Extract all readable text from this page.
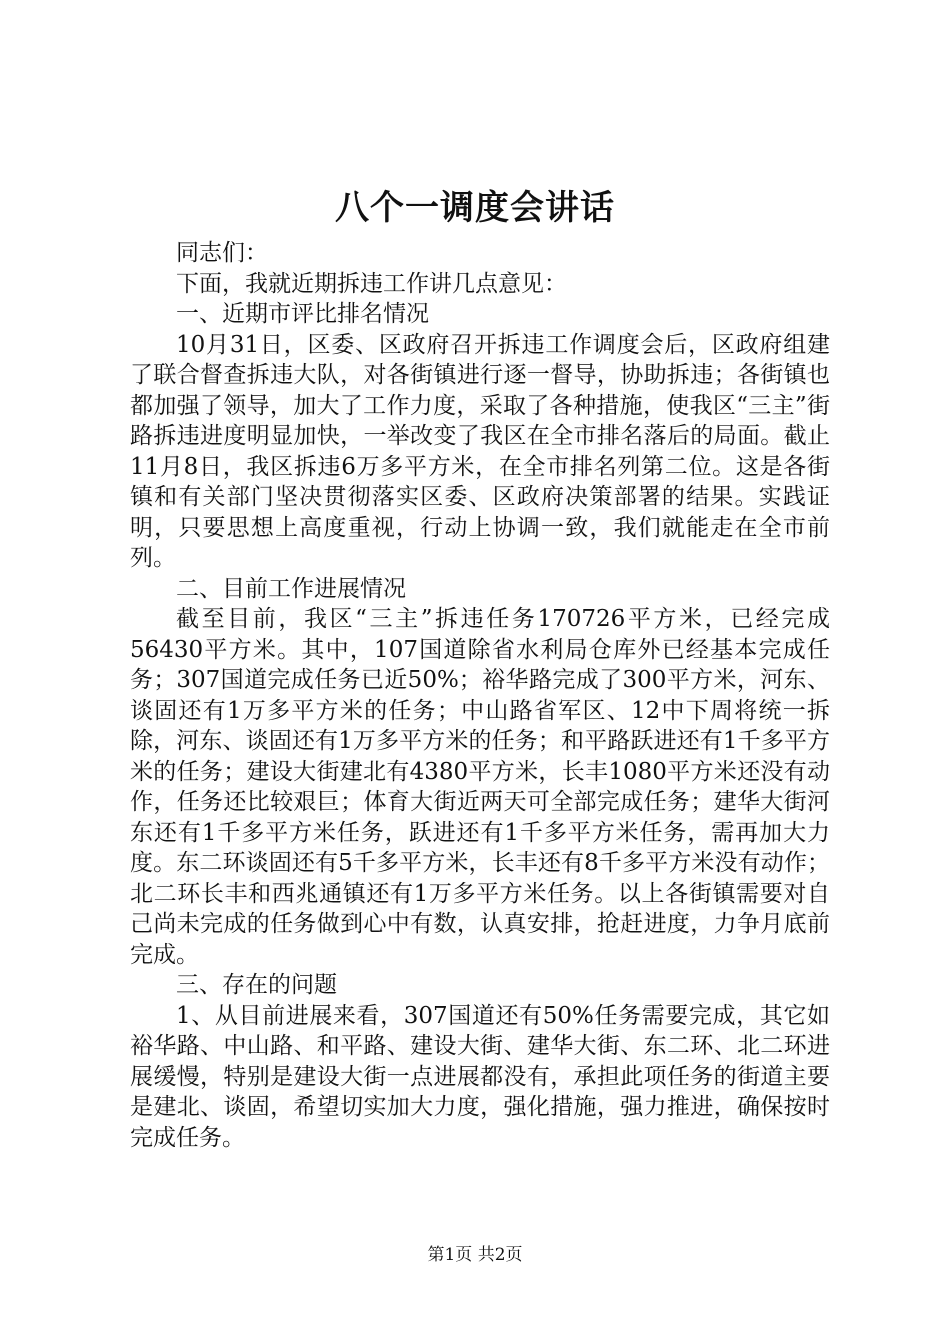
八个一调度会讲话

同志们：

下面，我就近期拆违工作讲几点意见：

一、近期市评比排名情况

10月31日，区委、区政府召开拆违工作调度会后，区政府组建了联合督查拆违大队，对各街镇进行逐一督导，协助拆违；各街镇也都加强了领导，加大了工作力度，采取了各种措施，使我区“三主”街路拆违进度明显加快，一举改变了我区在全市排名落后的局面。截止11月8日，我区拆违6万多平方米，在全市排名列第二位。这是各街镇和有关部门坚决贯彻落实区委、区政府决策部署的结果。实践证明，只要思想上高度重视，行动上协调一致，我们就能走在全市前列。

二、目前工作进展情况

截至目前，我区“三主”拆违任务170726平方米，已经完成56430平方米。其中，107国道除省水利局仓库外已经基本完成任务；307国道完成任务已近50%；裕华路完成了300平方米，河东、谈固还有1万多平方米的任务；中山路省军区、12中下周将统一拆除，河东、谈固还有1万多平方米的任务；和平路跃进还有1千多平方米的任务；建设大街建北有4380平方米，长丰1080平方米还没有动作，任务还比较艰巨；体育大街近两天可全部完成任务；建华大街河东还有1千多平方米任务，跃进还有1千多平方米任务，需再加大力度。东二环谈固还有5千多平方米，长丰还有8千多平方米没有动作；北二环长丰和西兆通镇还有1万多平方米任务。以上各街镇需要对自己尚未完成的任务做到心中有数，认真安排，抢赶进度，力争月底前完成。

三、存在的问题

1、从目前进展来看，307国道还有50%任务需要完成，其它如裕华路、中山路、和平路、建设大街、建华大街、东二环、北二环进展缓慢，特别是建设大街一点进展都没有，承担此项任务的街道主要是建北、谈固，希望切实加大力度，强化措施，强力推进，确保按时完成任务。

第1页 共2页
